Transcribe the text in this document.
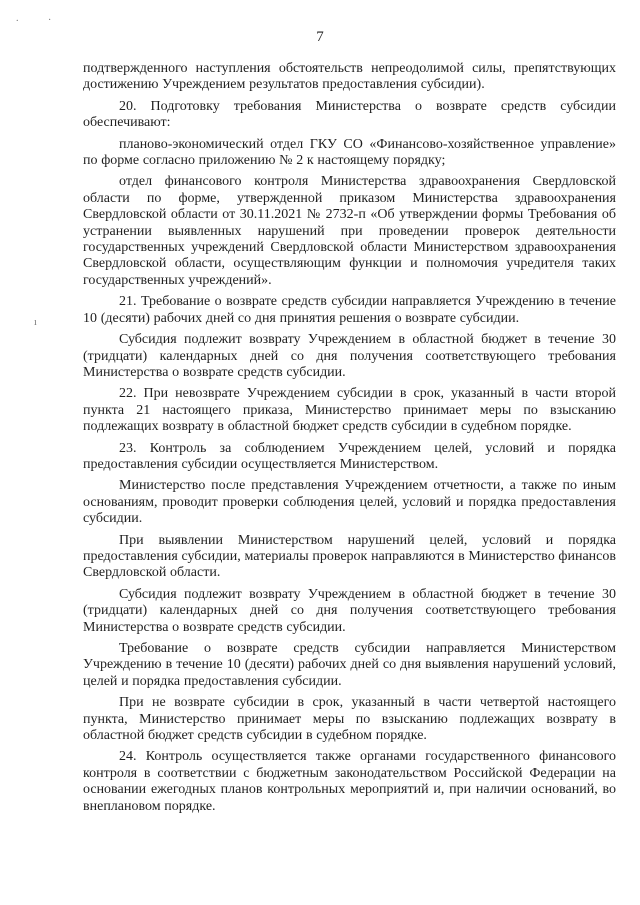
.	·
ı
7

подтвержденного наступления обстоятельств непреодолимой силы, препятствующих достижению Учреждением результатов предоставления субсидии).

20. Подготовку требования Министерства о возврате средств субсидии обеспечивают:

планово-экономический отдел ГКУ СО «Финансово-хозяйственное управление» по форме согласно приложению № 2 к настоящему порядку;

отдел финансового контроля Министерства здравоохранения Свердловской области по форме, утвержденной приказом Министерства здравоохранения Свердловской области от 30.11.2021 № 2732-п «Об утверждении формы Требования об устранении выявленных нарушений при проведении проверок деятельности государственных учреждений Свердловской области Министерством здравоохранения Свердловской области, осуществляющим функции и полномочия учредителя таких государственных учреждений».

21. Требование о возврате средств субсидии направляется Учреждению в течение 10 (десяти) рабочих дней со дня принятия решения о возврате субсидии.

Субсидия подлежит возврату Учреждением в областной бюджет в течение 30 (тридцати) календарных дней со дня получения соответствующего требования Министерства о возврате средств субсидии.

22. При невозврате Учреждением субсидии в срок, указанный в части второй пункта 21 настоящего приказа, Министерство принимает меры по взысканию подлежащих возврату в областной бюджет средств субсидии в судебном порядке.

23. Контроль за соблюдением Учреждением целей, условий и порядка предоставления субсидии осуществляется Министерством.

Министерство после представления Учреждением отчетности, а также по иным основаниям, проводит проверки соблюдения целей, условий и порядка предоставления субсидии.

При выявлении Министерством нарушений целей, условий и порядка предоставления субсидии, материалы проверок направляются в Министерство финансов Свердловской области.

Субсидия подлежит возврату Учреждением в областной бюджет в течение 30 (тридцати) календарных дней со дня получения соответствующего требования Министерства о возврате средств субсидии.

Требование о возврате средств субсидии направляется Министерством Учреждению в течение 10 (десяти) рабочих дней со дня выявления нарушений условий, целей и порядка предоставления субсидии.

При не возврате субсидии в срок, указанный в части четвертой настоящего пункта, Министерство принимает меры по взысканию подлежащих возврату в областной бюджет средств субсидии в судебном порядке.

24. Контроль осуществляется также органами государственного финансового контроля в соответствии с бюджетным законодательством Российской Федерации на основании ежегодных планов контрольных мероприятий и, при наличии оснований, во внеплановом порядке.
